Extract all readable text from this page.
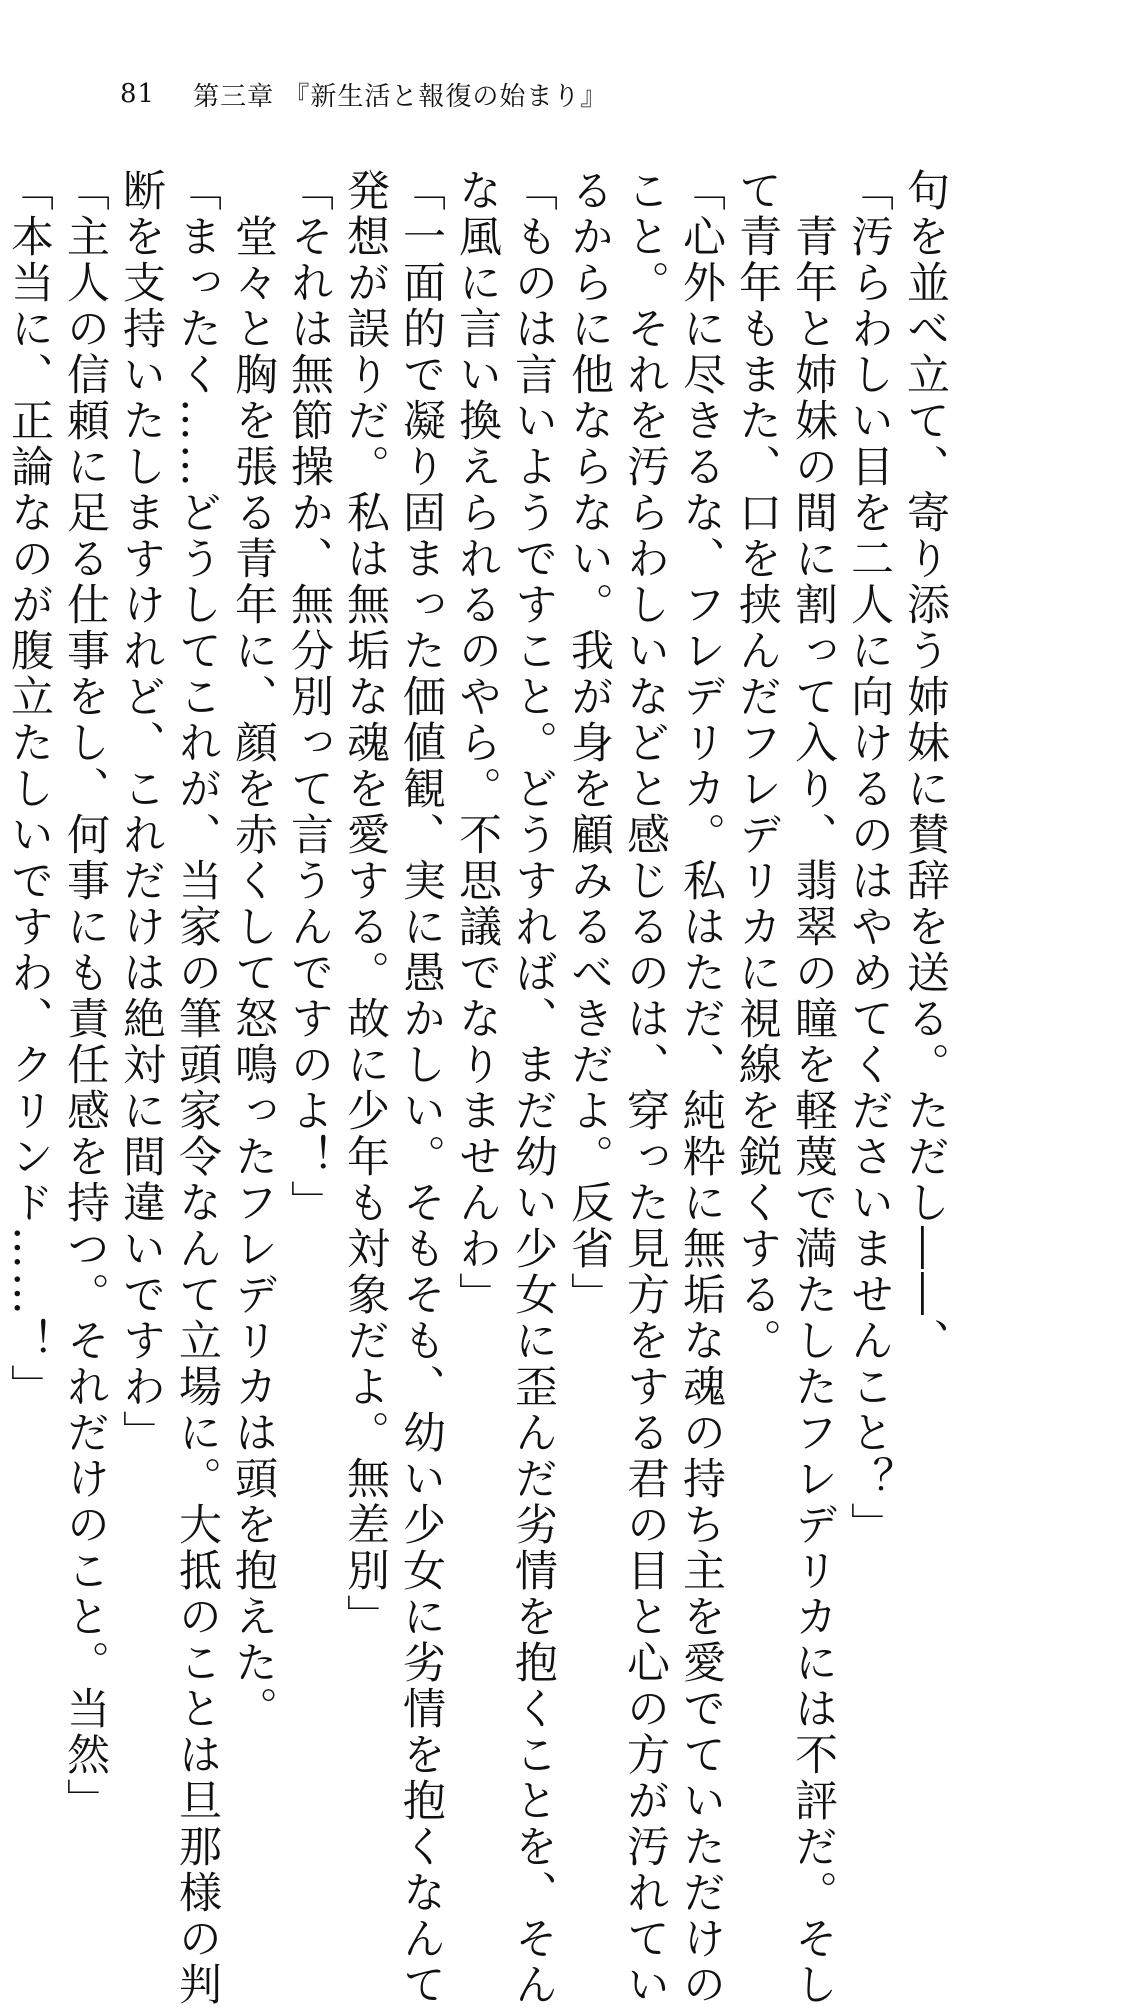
81 第三章 『新生活と報復の始まり』
句を並べ立て、寄り添う姉妹に賛辞を送る。ただし――、
「汚らわしい目を二人に向けるのはやめてくださいませんこと？」
　青年と姉妹の間に割って入り、翡翠の瞳を軽蔑で満たしたフレデリカには不評だ。そし
て青年もまた、口を挟んだフレデリカに視線を鋭くする。
「心外に尽きるな、フレデリカ。私はただ、純粋に無垢な魂の持ち主を愛でていただけの
こと。それを汚らわしいなどと感じるのは、穿った見方をする君の目と心の方が汚れてい
るからに他ならない。我が身を顧みるべきだよ。反省」
「ものは言いようですこと。どうすれば、まだ幼い少女に歪んだ劣情を抱くことを、そん
な風に言い換えられるのやら。不思議でなりませんわ」
「一面的で凝り固まった価値観、実に愚かしい。そもそも、幼い少女に劣情を抱くなんて
発想が誤りだ。私は無垢な魂を愛する。故に少年も対象だよ。無差別」
「それは無節操か、無分別って言うんですのよ！」
　堂々と胸を張る青年に、顔を赤くして怒鳴ったフレデリカは頭を抱えた。
「まったく……どうしてこれが、当家の筆頭家令なんて立場に。大抵のことは旦那様の判
断を支持いたしますけれど、これだけは絶対に間違いですわ」
「主人の信頼に足る仕事をし、何事にも責任感を持つ。それだけのこと。当然」
「本当に、正論なのが腹立たしいですわ、クリンド……！」
